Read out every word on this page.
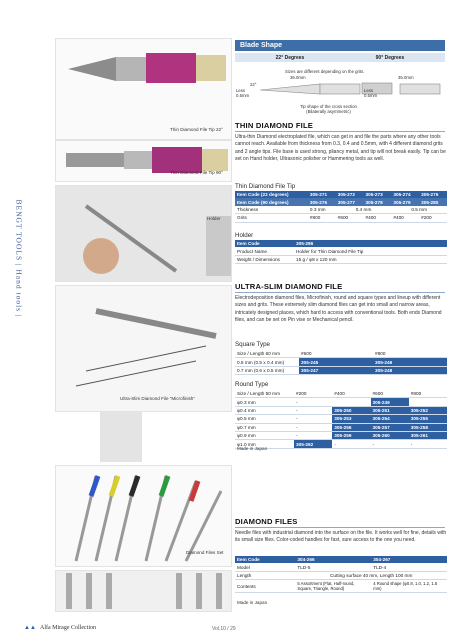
BENGT TOOLS | Hand tools |
Thin Diamond File Tip 22°
Thin Diamond File Tip 90°
Holder
Ultra-Slim Diamond File "Microfinish"
Diamond Files Set
Blade Shape
22° Degrees	90° Degrees
Sizes are different depending on the grits.
36.0mm	35.0mm
22°
Less
0.5mm
Less
0.5mm
Tip shape of the cross section
(Bilaterally asymmetric)
THIN DIAMOND FILE
Ultra-thin Diamond electroplated file, which can get in and file the parts where any other tools cannot reach. Available from thickness from 0.3, 0.4 and 0.5mm, with 4 different diamond grits and 2 angle tips. File base is used strong, pliancy metal, and tip will not break easily. Tip can be set on Hand holder, Ultrasonic polisher or Hammering tools as well.
Thin Diamond File Tip
Item Code (22 degrees)	305-271	305-272	305-273	305-274	305-275
Item Code (90 degrees)	305-276	305-277	305-278	305-279	305-280
Thickness	0.3 mm	0.4 mm		0.5 mm	
Grits	#800	#600	#400	#400	#200
Holder
Item Code	305-286
Product Name	Holder for Thin Diamond File Tip
Weight / Dimensions	15 g / φ8 x 120 mm
ULTRA-SLIM DIAMOND FILE
Electrodeposition diamond files, Microfinish, round and square types and lineup with different sizes and grits. These extremely slim diamond files can get into small and narrow areas, intricately designed places, which hard to access with conventional tools. Both ends Diamond files, and can be set on Pin vise or Mechanical pencil.
Square Type
Size / Length 60 mm	#600	#800
0.5 mm (0.5 x 0.4 mm)	305-245	305-246
0.7 mm (0.6 x 0.5 mm)	305-247	305-248
Round Type
Size / Length 50 mm	#200	#400	#600	#800
φ0.3 mm	-		305-249	
φ0.4 mm	-	305-250	305-251	305-252
φ0.5 mm	-	305-253	305-254	305-255
φ0.7 mm	-	305-256	305-257	305-258
φ0.9 mm	-	305-259	305-260	305-261
φ1.0 mm	305-262	-	-	-
Made in Japan
DIAMOND FILES
Needle files with industrial diamond into the surface on the file. It works well for fine, details with its small size files. Color-coded handles for fast, sure access to the one you need.
Item Code	304-266	304-267
Model	TLD-5	TLD-4
Length	Cutting surface 40 mm, Length 100 mm	
Contents	5 Assortment (Flat, Half-round, Square, Triangle, Round)	4 Round shape (φ0.8, 1.0, 1.2, 1.5 mm)
Made in Japan
▲▲ Alfa Mirage Collection	Vol.10 / 29
